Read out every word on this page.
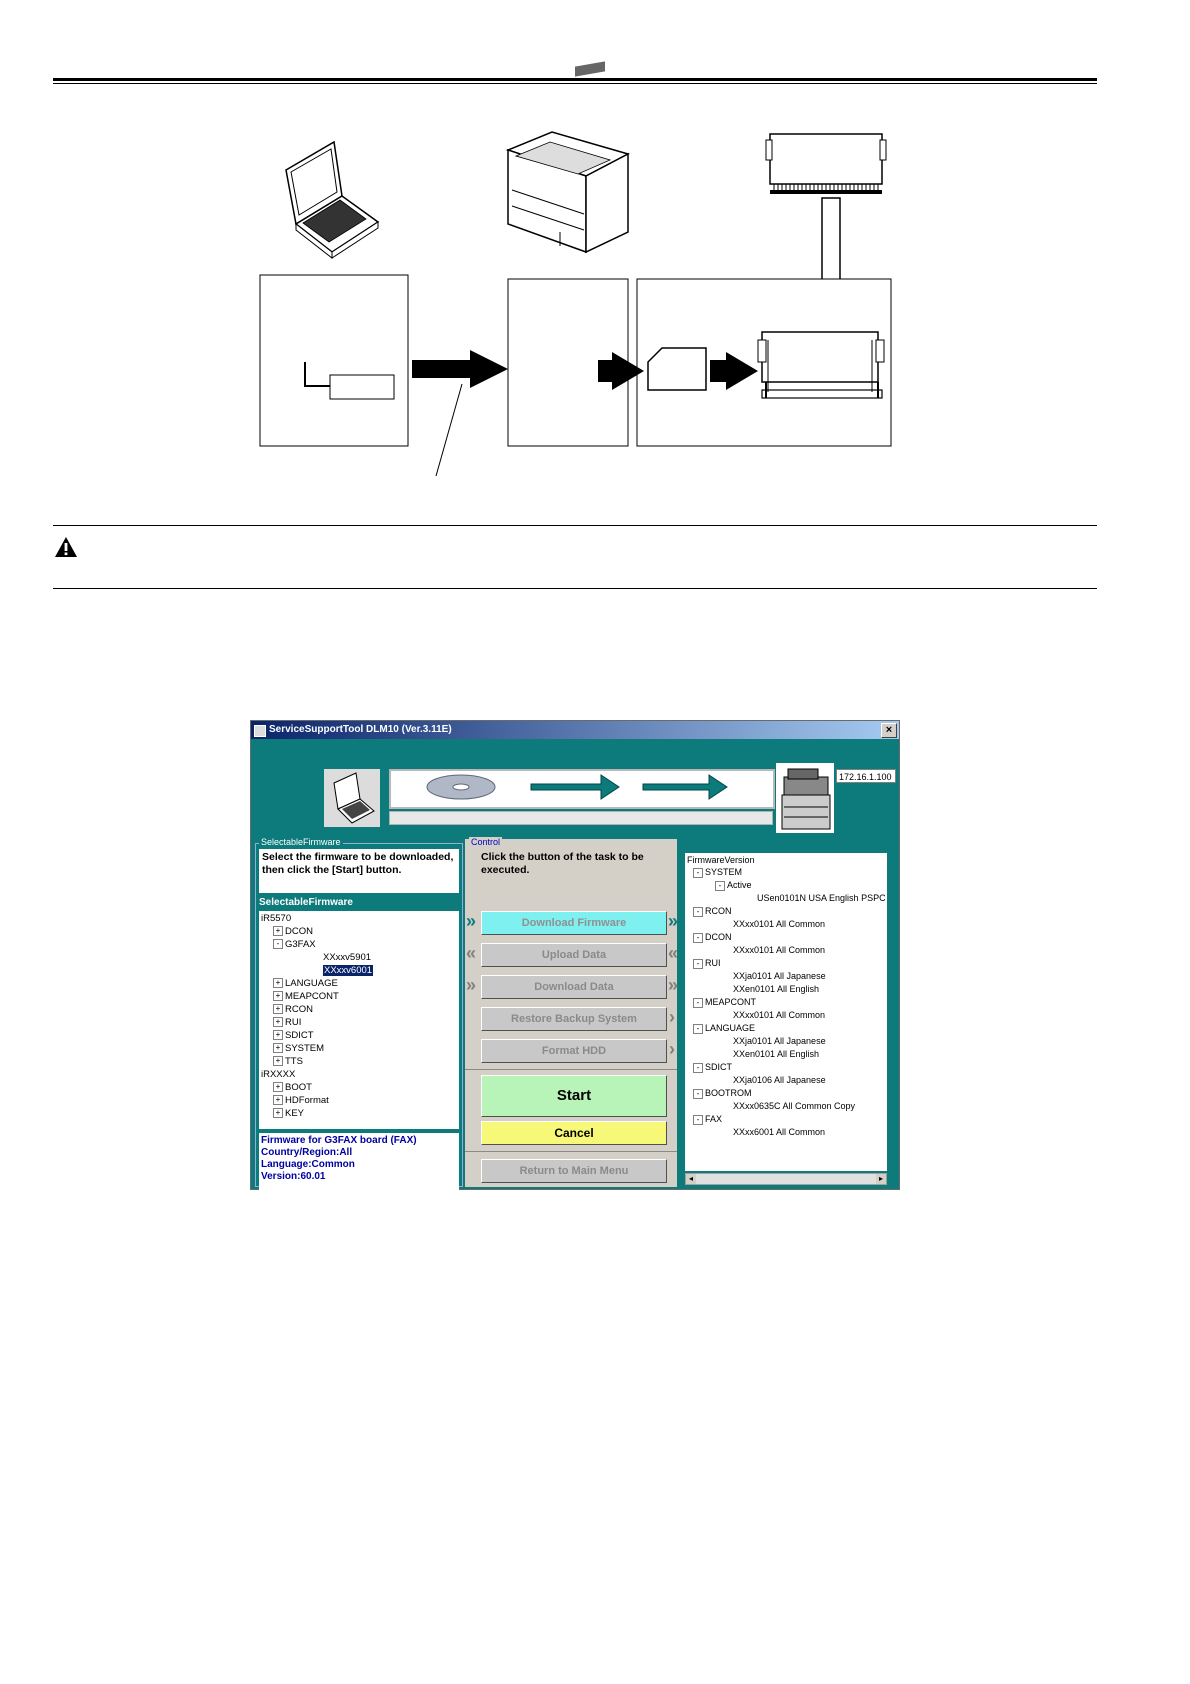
ServiceSupportTool DLM10 (Ver.3.11E)	×
172.16.1.100
SelectableFirmware
Select the firmware to be downloaded, then click the [Start] button.
SelectableFirmware
iR5570
+ DCON
- G3FAX
XXxxv5901
XXxxv6001
+ LANGUAGE
+ MEAPCONT
+ RCON
+ RUI
+ SDICT
+ SYSTEM
+ TTS
iRXXXX
+ BOOT
+ HDFormat
+ KEY
Firmware for G3FAX board (FAX)
Country/Region:All
Language:Common
Version:60.01
Control
Click the button of the task to be executed.
»	Download Firmware	»
«	Upload Data	«
»	Download Data	»
Restore Backup System	›
Format HDD	›
Start
Cancel
Return to Main Menu
FirmwareVersion
- SYSTEM
- Active
USen0101N USA English PSPC
- RCON
XXxx0101 All Common
- DCON
XXxx0101 All Common
- RUI
XXja0101 All Japanese
XXen0101 All English
- MEAPCONT
XXxx0101 All Common
- LANGUAGE
XXja0101 All Japanese
XXen0101 All English
- SDICT
XXja0106 All Japanese
- BOOTROM
XXxx0635C All Common Copy
- FAX
XXxx6001 All Common
◂	▸
